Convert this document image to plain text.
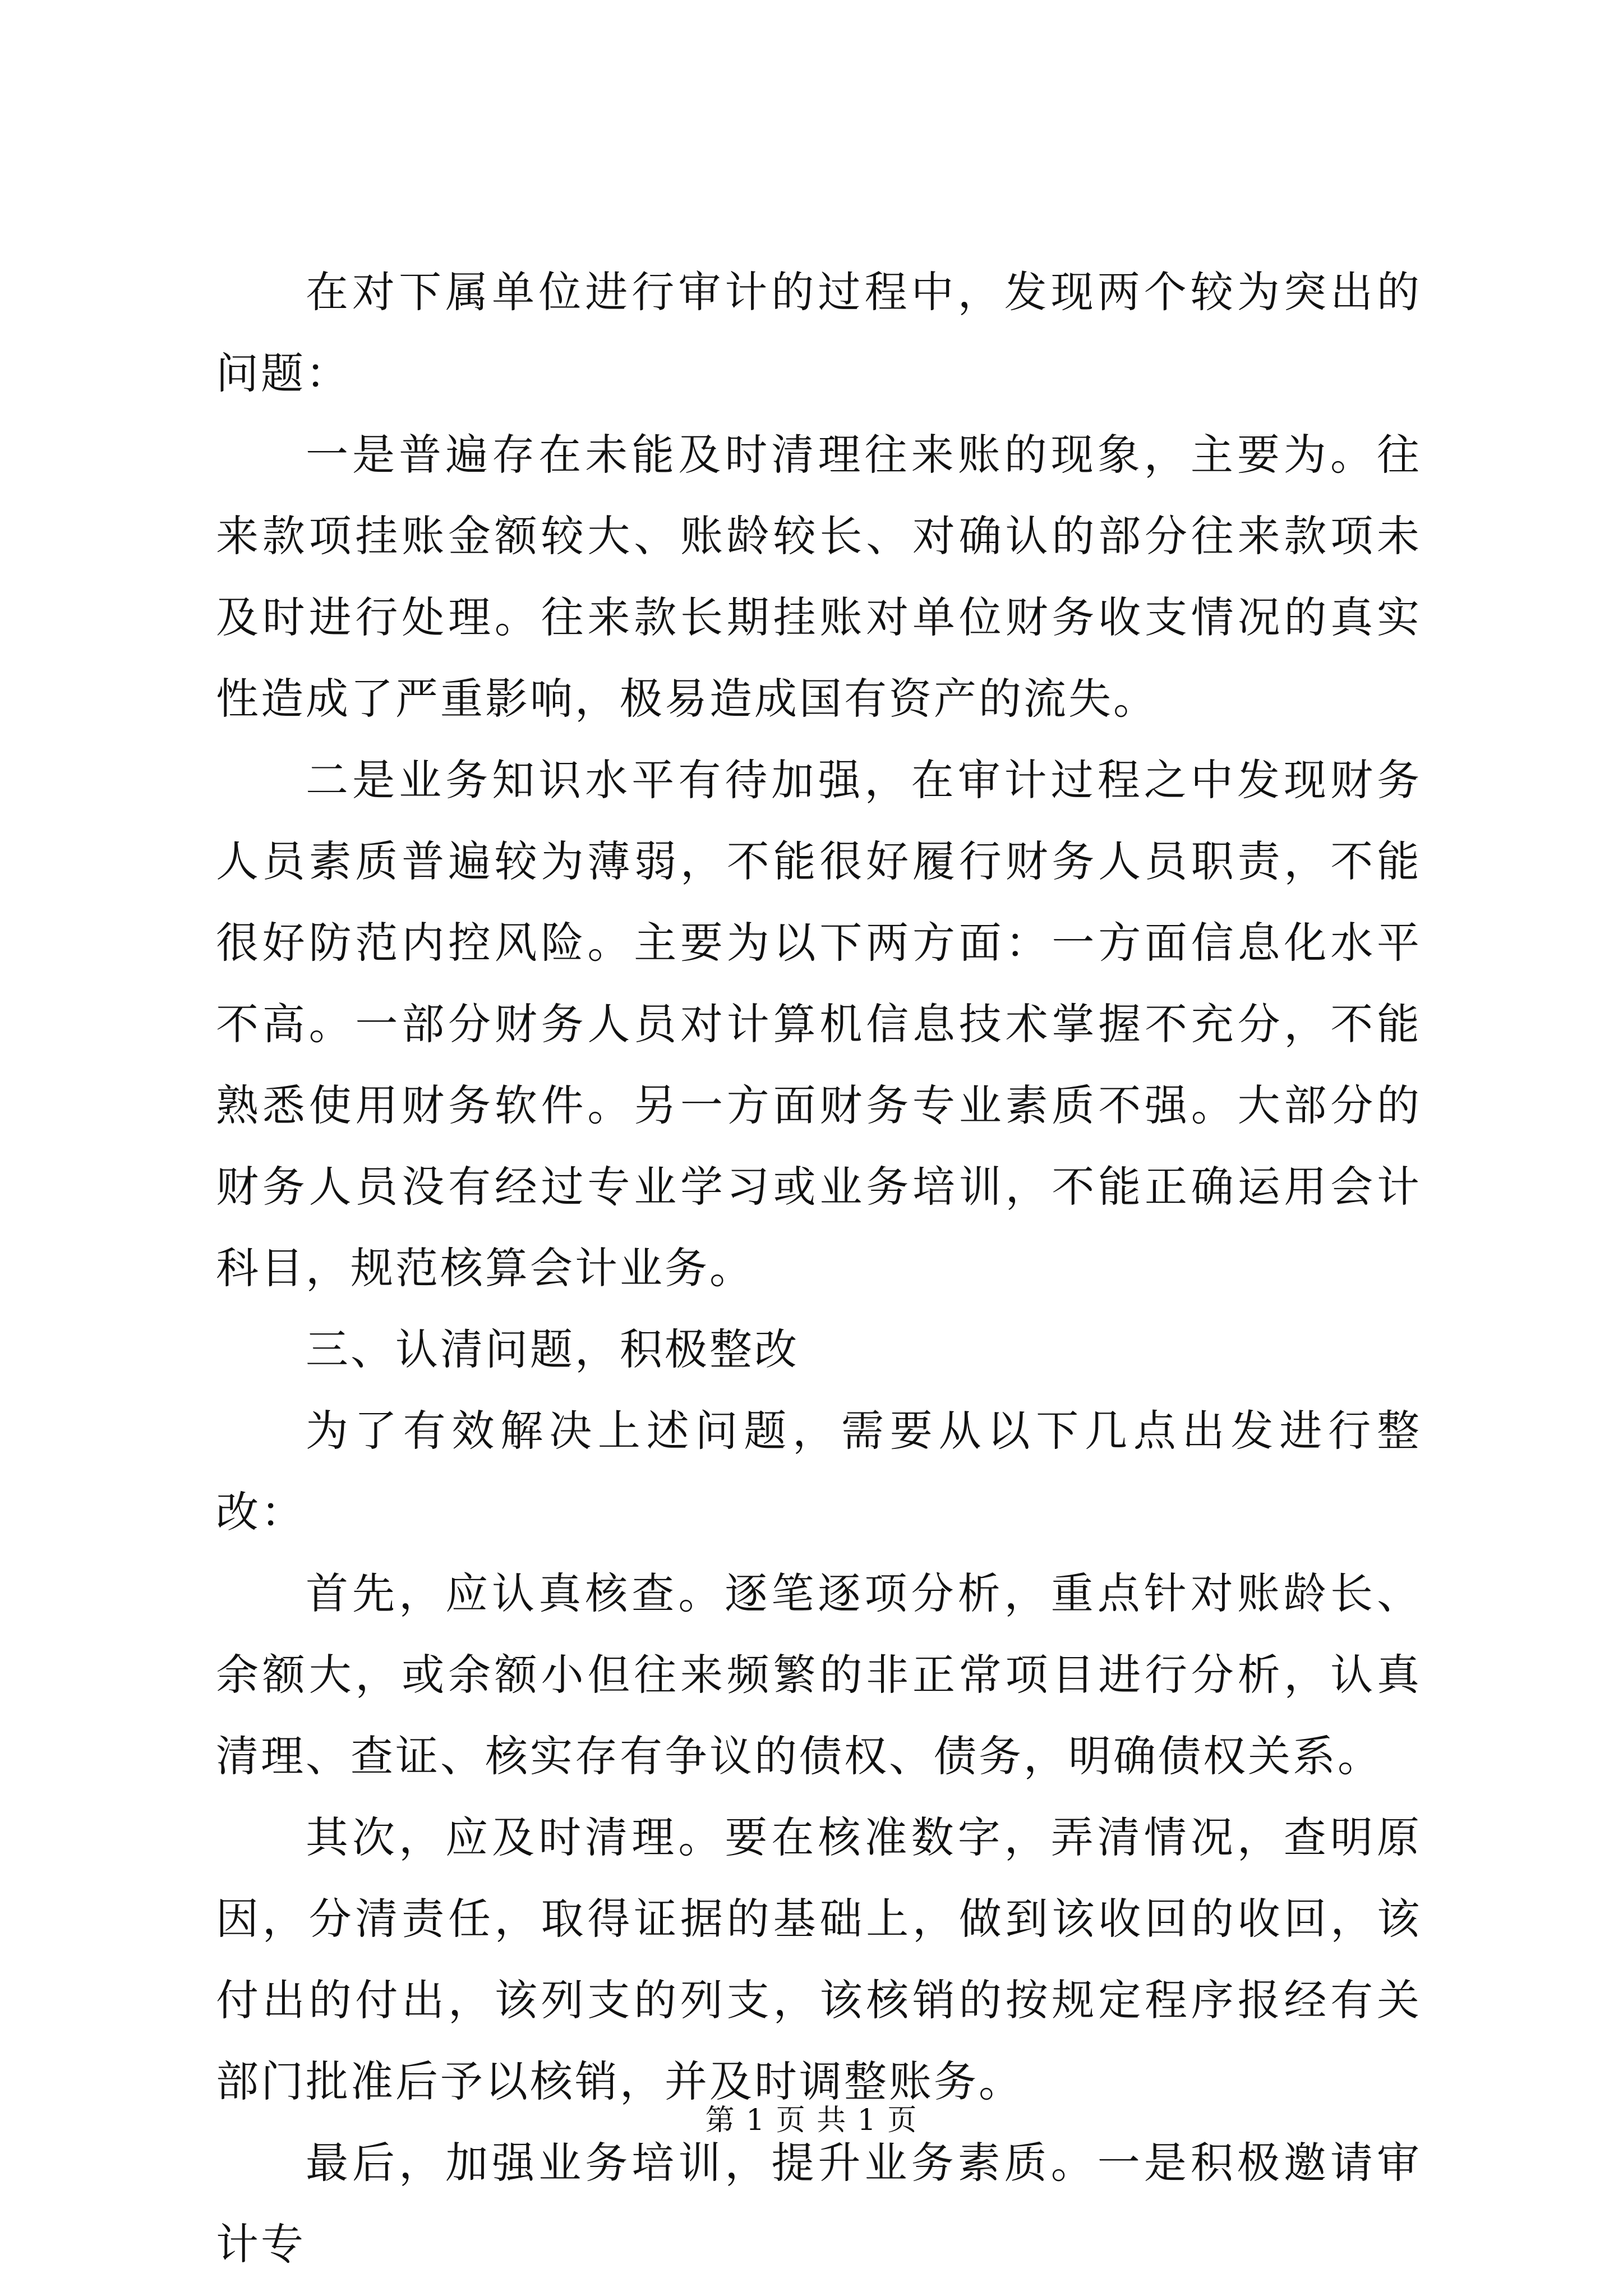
在对下属单位进行审计的过程中，发现两个较为突出的问题：

一是普遍存在未能及时清理往来账的现象，主要为。往来款项挂账金额较大、账龄较长、对确认的部分往来款项未及时进行处理。往来款长期挂账对单位财务收支情况的真实性造成了严重影响，极易造成国有资产的流失。

二是业务知识水平有待加强，在审计过程之中发现财务人员素质普遍较为薄弱，不能很好履行财务人员职责，不能很好防范内控风险。主要为以下两方面：一方面信息化水平不高。一部分财务人员对计算机信息技术掌握不充分，不能熟悉使用财务软件。另一方面财务专业素质不强。大部分的财务人员没有经过专业学习或业务培训，不能正确运用会计科目，规范核算会计业务。

三、认清问题，积极整改

为了有效解决上述问题，需要从以下几点出发进行整改：

首先，应认真核查。逐笔逐项分析，重点针对账龄长、余额大，或余额小但往来频繁的非正常项目进行分析，认真清理、查证、核实存有争议的债权、债务，明确债权关系。

其次，应及时清理。要在核准数字，弄清情况，查明原因，分清责任，取得证据的基础上，做到该收回的收回，该付出的付出，该列支的列支，该核销的按规定程序报经有关部门批准后予以核销，并及时调整账务。

最后，加强业务培训，提升业务素质。一是积极邀请审计专

第 1 页 共 1 页
